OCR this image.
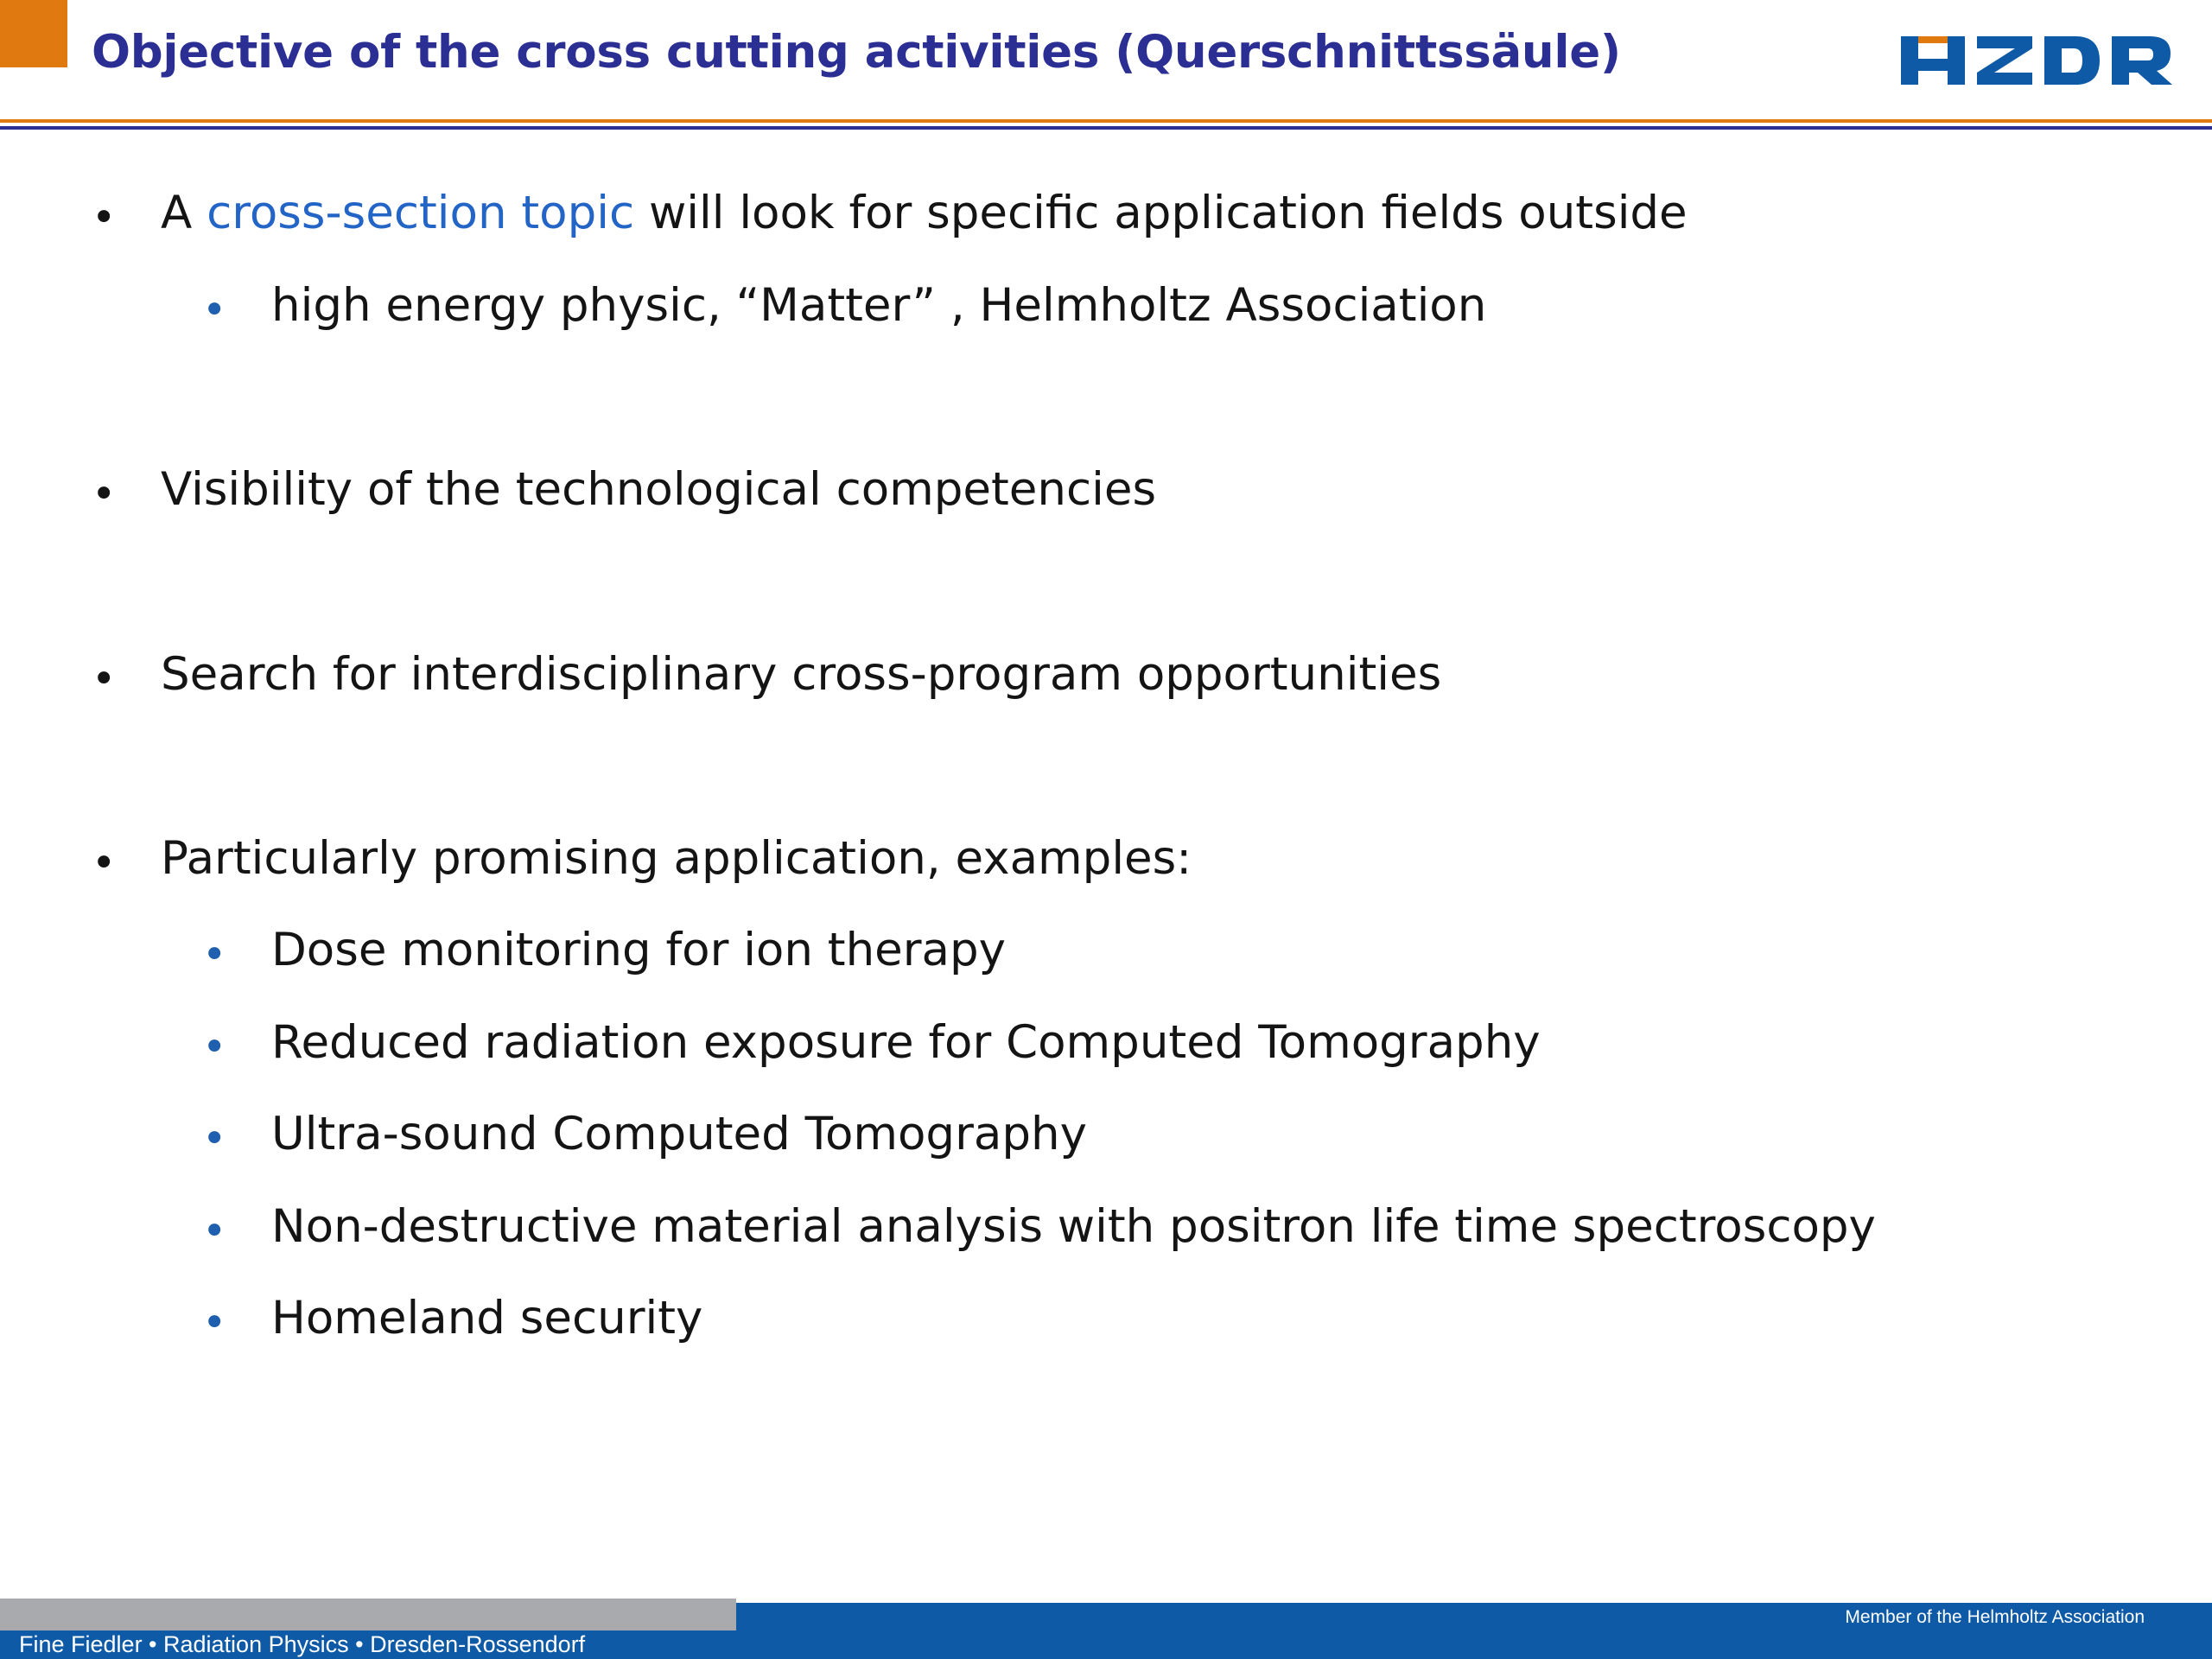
Objective of the cross cutting activities (Querschnittssäule)
• A cross-section topic will look for specific application fields outside
• high energy physic, “Matter” , Helmholtz Association
• Visibility of the technological competencies
• Search for interdisciplinary cross-program opportunities
• Particularly promising application, examples:
• Dose monitoring for ion therapy
• Reduced radiation exposure for Computed Tomography
• Ultra-sound Computed Tomography
• Non-destructive material analysis with positron life time spectroscopy
• Homeland security
Fine Fiedler • Radiation Physics • Dresden-Rossendorf
Member of the Helmholtz Association
